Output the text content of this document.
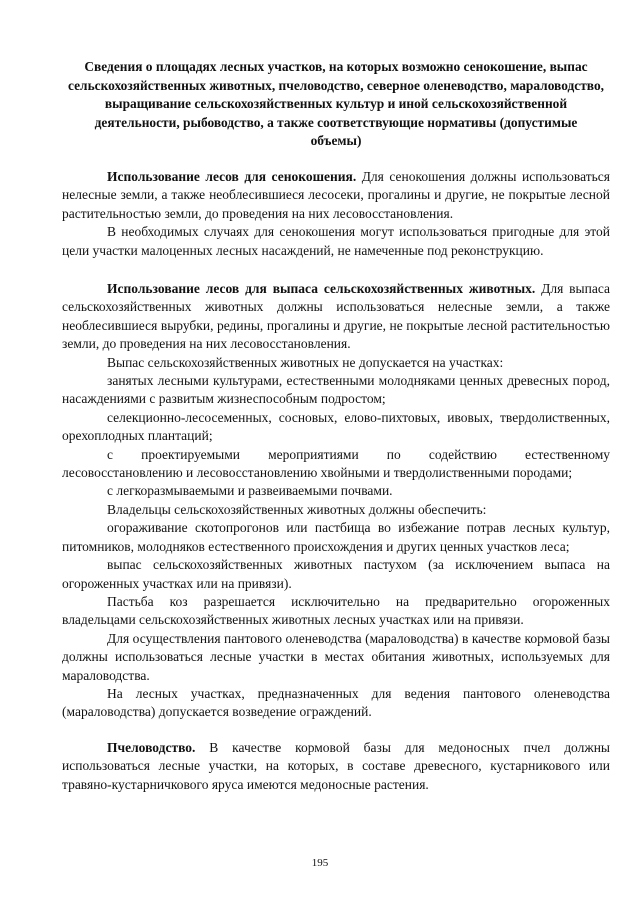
Сведения о площадях лесных участков, на которых возможно сенокошение, выпас сельскохозяйственных животных, пчеловодство, северное оленеводство, мараловодство, выращивание сельскохозяйственных культур и иной сельскохозяйственной деятельности, рыбоводство, а также соответствующие нормативы (допустимые объемы)

Использование лесов для сенокошения. Для сенокошения должны использоваться нелесные земли, а также необлесившиеся лесосеки, прогалины и другие, не покрытые лесной растительностью земли, до проведения на них лесовосстановления.

В необходимых случаях для сенокошения могут использоваться пригодные для этой цели участки малоценных лесных насаждений, не намеченные под реконструкцию.

Использование лесов для выпаса сельскохозяйственных животных. Для выпаса сельскохозяйственных животных должны использоваться нелесные земли, а также необлесившиеся вырубки, редины, прогалины и другие, не покрытые лесной растительностью земли, до проведения на них лесовосстановления.

Выпас сельскохозяйственных животных не допускается на участках:

занятых лесными культурами, естественными молодняками ценных древесных пород, насаждениями с развитым жизнеспособным подростом;

селекционно-лесосеменных, сосновых, елово-пихтовых, ивовых, твердолиственных, орехоплодных плантаций;

с проектируемыми мероприятиями по содействию естественному лесовосстановлению и лесовосстановлению хвойными и твердолиственными породами;

с легкоразмываемыми и развеиваемыми почвами.

Владельцы сельскохозяйственных животных должны обеспечить:

огораживание скотопрогонов или пастбища во избежание потрав лесных культур, питомников, молодняков естественного происхождения и других ценных участков леса;

выпас сельскохозяйственных животных пастухом (за исключением выпаса на огороженных участках или на привязи).

Пастьба коз разрешается исключительно на предварительно огороженных владельцами сельскохозяйственных животных лесных участках или на привязи.

Для осуществления пантового оленеводства (мараловодства) в качестве кормовой базы должны использоваться лесные участки в местах обитания животных, используемых для мараловодства.

На лесных участках, предназначенных для ведения пантового оленеводства (мараловодства) допускается возведение ограждений.

Пчеловодство. В качестве кормовой базы для медоносных пчел должны использоваться лесные участки, на которых, в составе древесного, кустарникового или травяно-кустарничкового яруса имеются медоносные растения.

195
